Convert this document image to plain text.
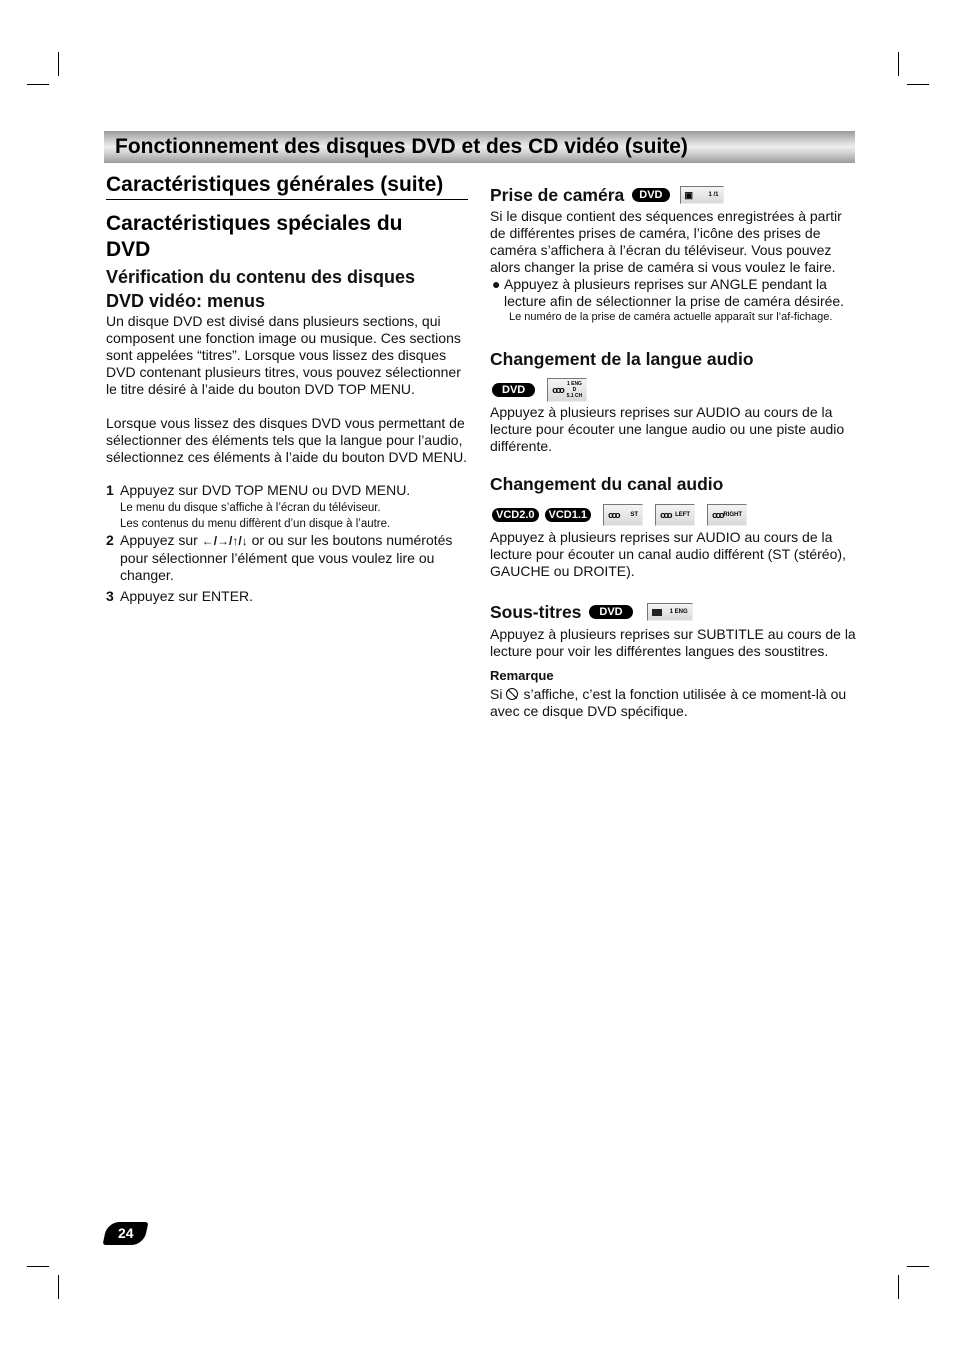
Fonctionnement des disques DVD et des CD vidéo (suite)
Caractéristiques générales (suite)
Caractéristiques spéciales du DVD
Vérification du contenu des disques DVD vidéo: menus

Un disque DVD est divisé dans plusieurs sections, qui composent une fonction image ou musique. Ces sections sont appelées “titres”. Lorsque vous lissez des disques DVD contenant plusieurs titres, vous pouvez sélectionner le titre désiré à l’aide du bouton DVD TOP MENU.

Lorsque vous lissez des disques DVD vous permettant de sélectionner des éléments tels que la langue pour l’audio, sélectionnez ces éléments à l’aide du bouton DVD MENU.

1 Appuyez sur DVD TOP MENU ou DVD MENU.
Le menu du disque s’affiche à l’écran du téléviseur.
Les contenus du menu diffèrent d’un disque à l’autre.
2 Appuyez sur ←/→/↑/↓ or ou sur les boutons numérotés pour sélectionner l’élément que vous voulez lire ou changer.
3 Appuyez sur ENTER.
Prise de caméra	DVD	▣	1 /1

Si le disque contient des séquences enregistrées à partir de différentes prises de caméra, l’icône des prises de caméra s’affichera à l’écran du téléviseur. Vous pouvez alors changer la prise de caméra si vous voulez le faire.

● Appuyez à plusieurs reprises sur ANGLE pendant la lecture afin de sélectionner la prise de caméra désirée.
Le numéro de la prise de caméra actuelle apparaît sur l’af-fichage.
Changement de la langue audio
DVD	ooo
1 ENG
D
5.1 CH

Appuyez à plusieurs reprises sur AUDIO au cours de la lecture pour écouter une langue audio ou une piste audio différente.

Changement du canal audio
VCD2.0	VCD1.1	ooo ST ooo LEFT ooo RIGHT

Appuyez à plusieurs reprises sur AUDIO au cours de la lecture pour écouter un canal audio différent (ST (stéréo), GAUCHE ou DROITE).

Sous-titres	DVD	1 ENG

Appuyez à plusieurs reprises sur SUBTITLE au cours de la lecture pour voir les différentes langues des soustitres.

Remarque

Si s’affiche, c’est la fonction utilisée à ce moment-là ou avec ce disque DVD spécifique.

24
